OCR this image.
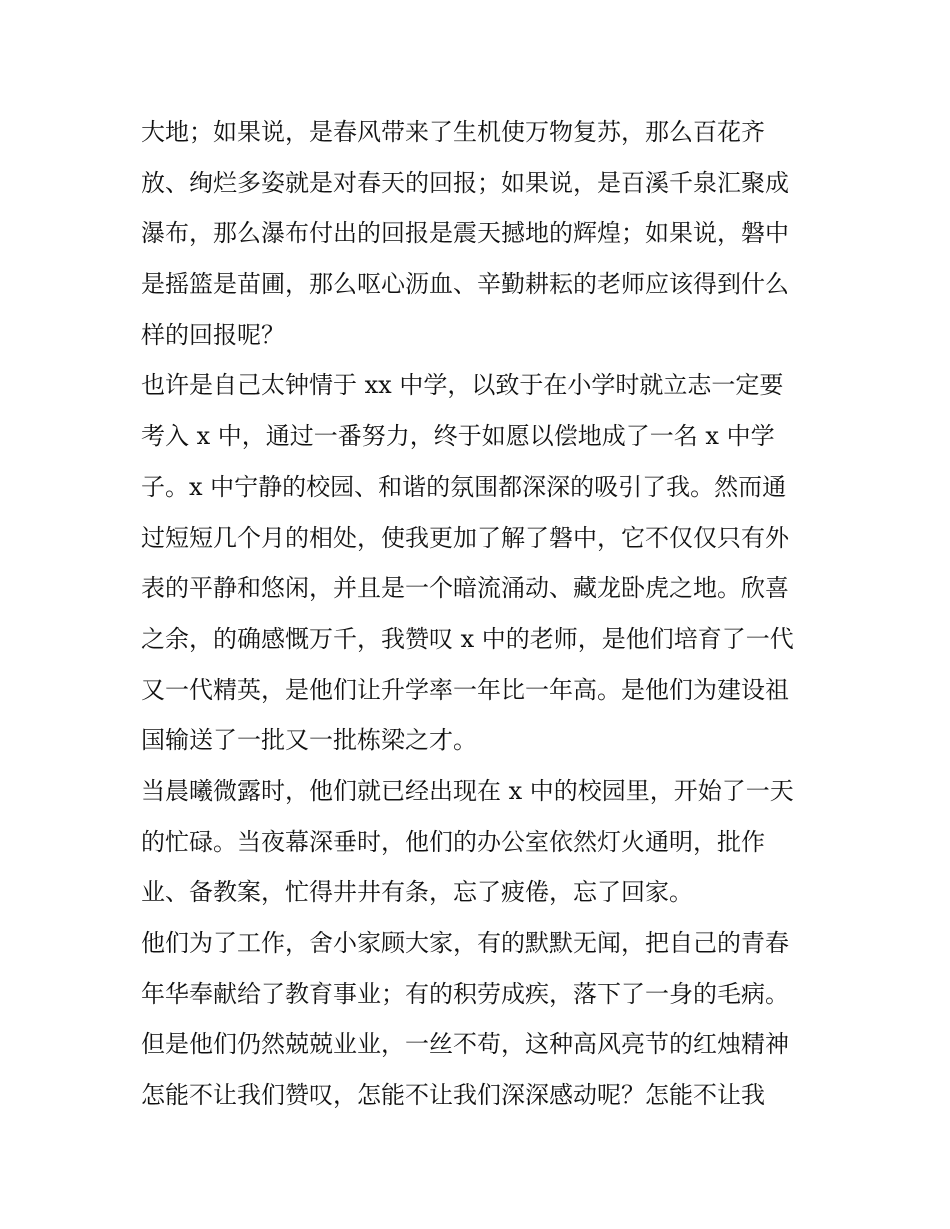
大地；如果说，是春风带来了生机使万物复苏，那么百花齐
放、绚烂多姿就是对春天的回报；如果说，是百溪千泉汇聚成
瀑布，那么瀑布付出的回报是震天撼地的辉煌；如果说，磐中
是摇篮是苗圃，那么呕心沥血、辛勤耕耘的老师应该得到什么
样的回报呢？
也许是自己太钟情于 xx 中学，以致于在小学时就立志一定要
考入 x 中，通过一番努力，终于如愿以偿地成了一名 x 中学
子。x 中宁静的校园、和谐的氛围都深深的吸引了我。然而通
过短短几个月的相处，使我更加了解了磐中，它不仅仅只有外
表的平静和悠闲，并且是一个暗流涌动、藏龙卧虎之地。欣喜
之余，的确感慨万千，我赞叹 x 中的老师，是他们培育了一代
又一代精英，是他们让升学率一年比一年高。是他们为建设祖
国输送了一批又一批栋梁之才。
当晨曦微露时，他们就已经出现在 x 中的校园里，开始了一天
的忙碌。当夜幕深垂时，他们的办公室依然灯火通明，批作
业、备教案，忙得井井有条，忘了疲倦，忘了回家。
他们为了工作，舍小家顾大家，有的默默无闻，把自己的青春
年华奉献给了教育事业；有的积劳成疾，落下了一身的毛病。
但是他们仍然兢兢业业，一丝不苟，这种高风亮节的红烛精神
怎能不让我们赞叹，怎能不让我们深深感动呢？怎能不让我
